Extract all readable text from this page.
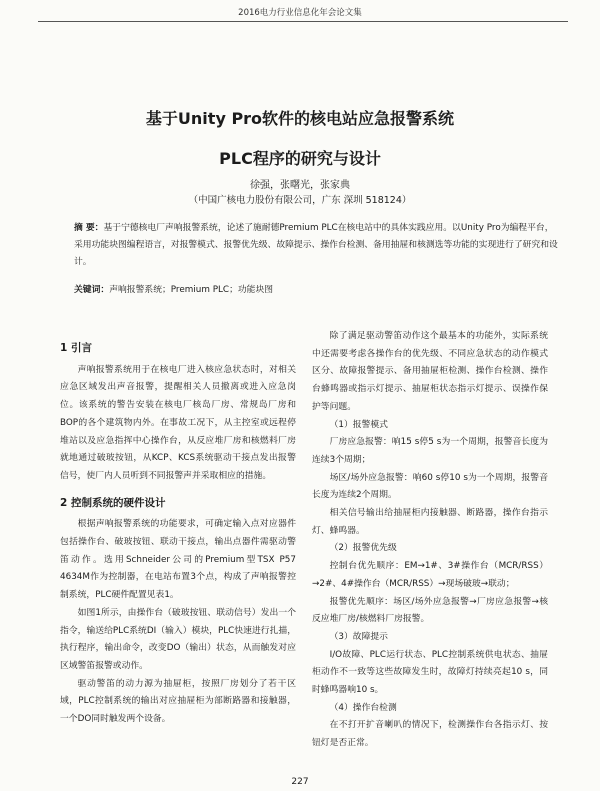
2016电力行业信息化年会论文集
基于Unity Pro软件的核电站应急报警系统
PLC程序的研究与设计
徐强，张曙光，张家典
（中国广核电力股份有限公司，广东 深圳 518124）
摘 要：基于宁德核电厂声响报警系统，论述了施耐德Premium PLC在核电站中的具体实践应用。以Unity Pro为编程平台，采用功能块图编程语言，对报警模式、报警优先级、故障提示、操作台检测、备用抽屉和核测选等功能的实现进行了研究和设计。
关键词：声响报警系统；Premium PLC；功能块图

1 引言

声响报警系统用于在核电厂进入核应急状态时，对相关应急区域发出声音报警，提醒相关人员撤离或进入应急岗位。该系统的警告安装在核电厂核岛厂房、常规岛厂房和BOP的各个建筑物内外。在事故工况下，从主控室或远程停堆站以及应急指挥中心操作台，从反应堆厂房和核燃料厂房就地通过破玻按钮，从KCP、KCS系统驱动干接点发出报警信号，使厂内人员听到不同报警声并采取相应的措施。

2 控制系统的硬件设计

根据声响报警系统的功能要求，可确定输入点对应器件包括操作台、破玻按钮、联动干接点，输出点器件需驱动警笛动作。选用Schneider公司的Premium型TSX P57 4634M作为控制器，在电站布置3个点，构成了声响报警控制系统，PLC硬件配置见表1。

如图1所示，由操作台（破玻按钮、联动信号）发出一个指令，输送给PLC系统DI（输入）模块，PLC快速进行扎描，执行程序，输出命令，改变DO（输出）状态，从而触发对应区域警笛报警或动作。

驱动警笛的动力源为抽屉柜，按照厂房划分了若干区域，PLC控制系统的输出对应抽屉柜为部断路器和接触器，一个DO同时触发两个设备。

除了满足驱动警笛动作这个最基本的功能外，实际系统中还需要考虑各操作台的优先级、不同应急状态的动作模式区分、故障报警提示、备用抽屉柜检测、操作台检测、操作台蜂鸣器或指示灯提示、抽屉柜状态指示灯提示、误操作保护等问题。

（1）报警模式

厂房应急报警：响15 s停5 s为一个周期，报警音长度为连续3个周期；

场区/场外应急报警：响60 s停10 s为一个周期，报警音长度为连续2个周期。

相关信号输出给抽屉柜内接触器、断路器，操作台指示灯、蜂鸣器。

（2）报警优先级

控制台优先顺序：EM→1#、3#操作台（MCR/RSS）→2#、4#操作台（MCR/RSS）→现场破玻→联动；

报警优先顺序：场区/场外应急报警→厂房应急报警→核反应堆厂房/核燃料厂房报警。

（3）故障提示

I/O故障、PLC运行状态、PLC控制系统供电状态、抽屉柜动作不一致等这些故障发生时，故障灯持续亮起10 s，同时蜂鸣器响10 s。

（4）操作台检测

在不打开扩音喇叭的情况下，检测操作台各指示灯、按钮灯是否正常。

227
